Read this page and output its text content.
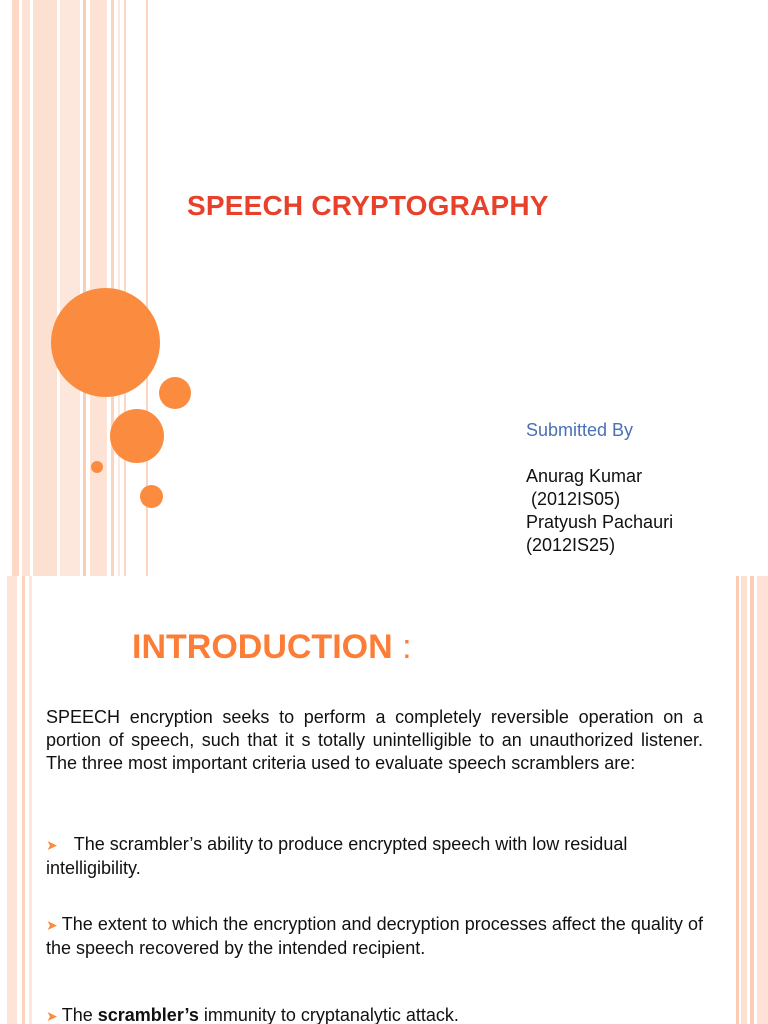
SPEECH CRYPTOGRAPHY

Submitted By

Anurag Kumar
(2012IS05)
Pratyush Pachauri
(2012IS25)
INTRODUCTION :

SPEECH encryption seeks to perform a completely reversible operation on a portion of speech, such that it s totally unintelligible to an unauthorized listener. The three most important criteria used to evaluate speech scramblers are:

➤ The scrambler’s ability to produce encrypted speech with low residual
intelligibility.
➤ The extent to which the encryption and decryption processes affect the quality of the speech recovered by the intended recipient.
➤ The scrambler’s immunity to cryptanalytic attack.
